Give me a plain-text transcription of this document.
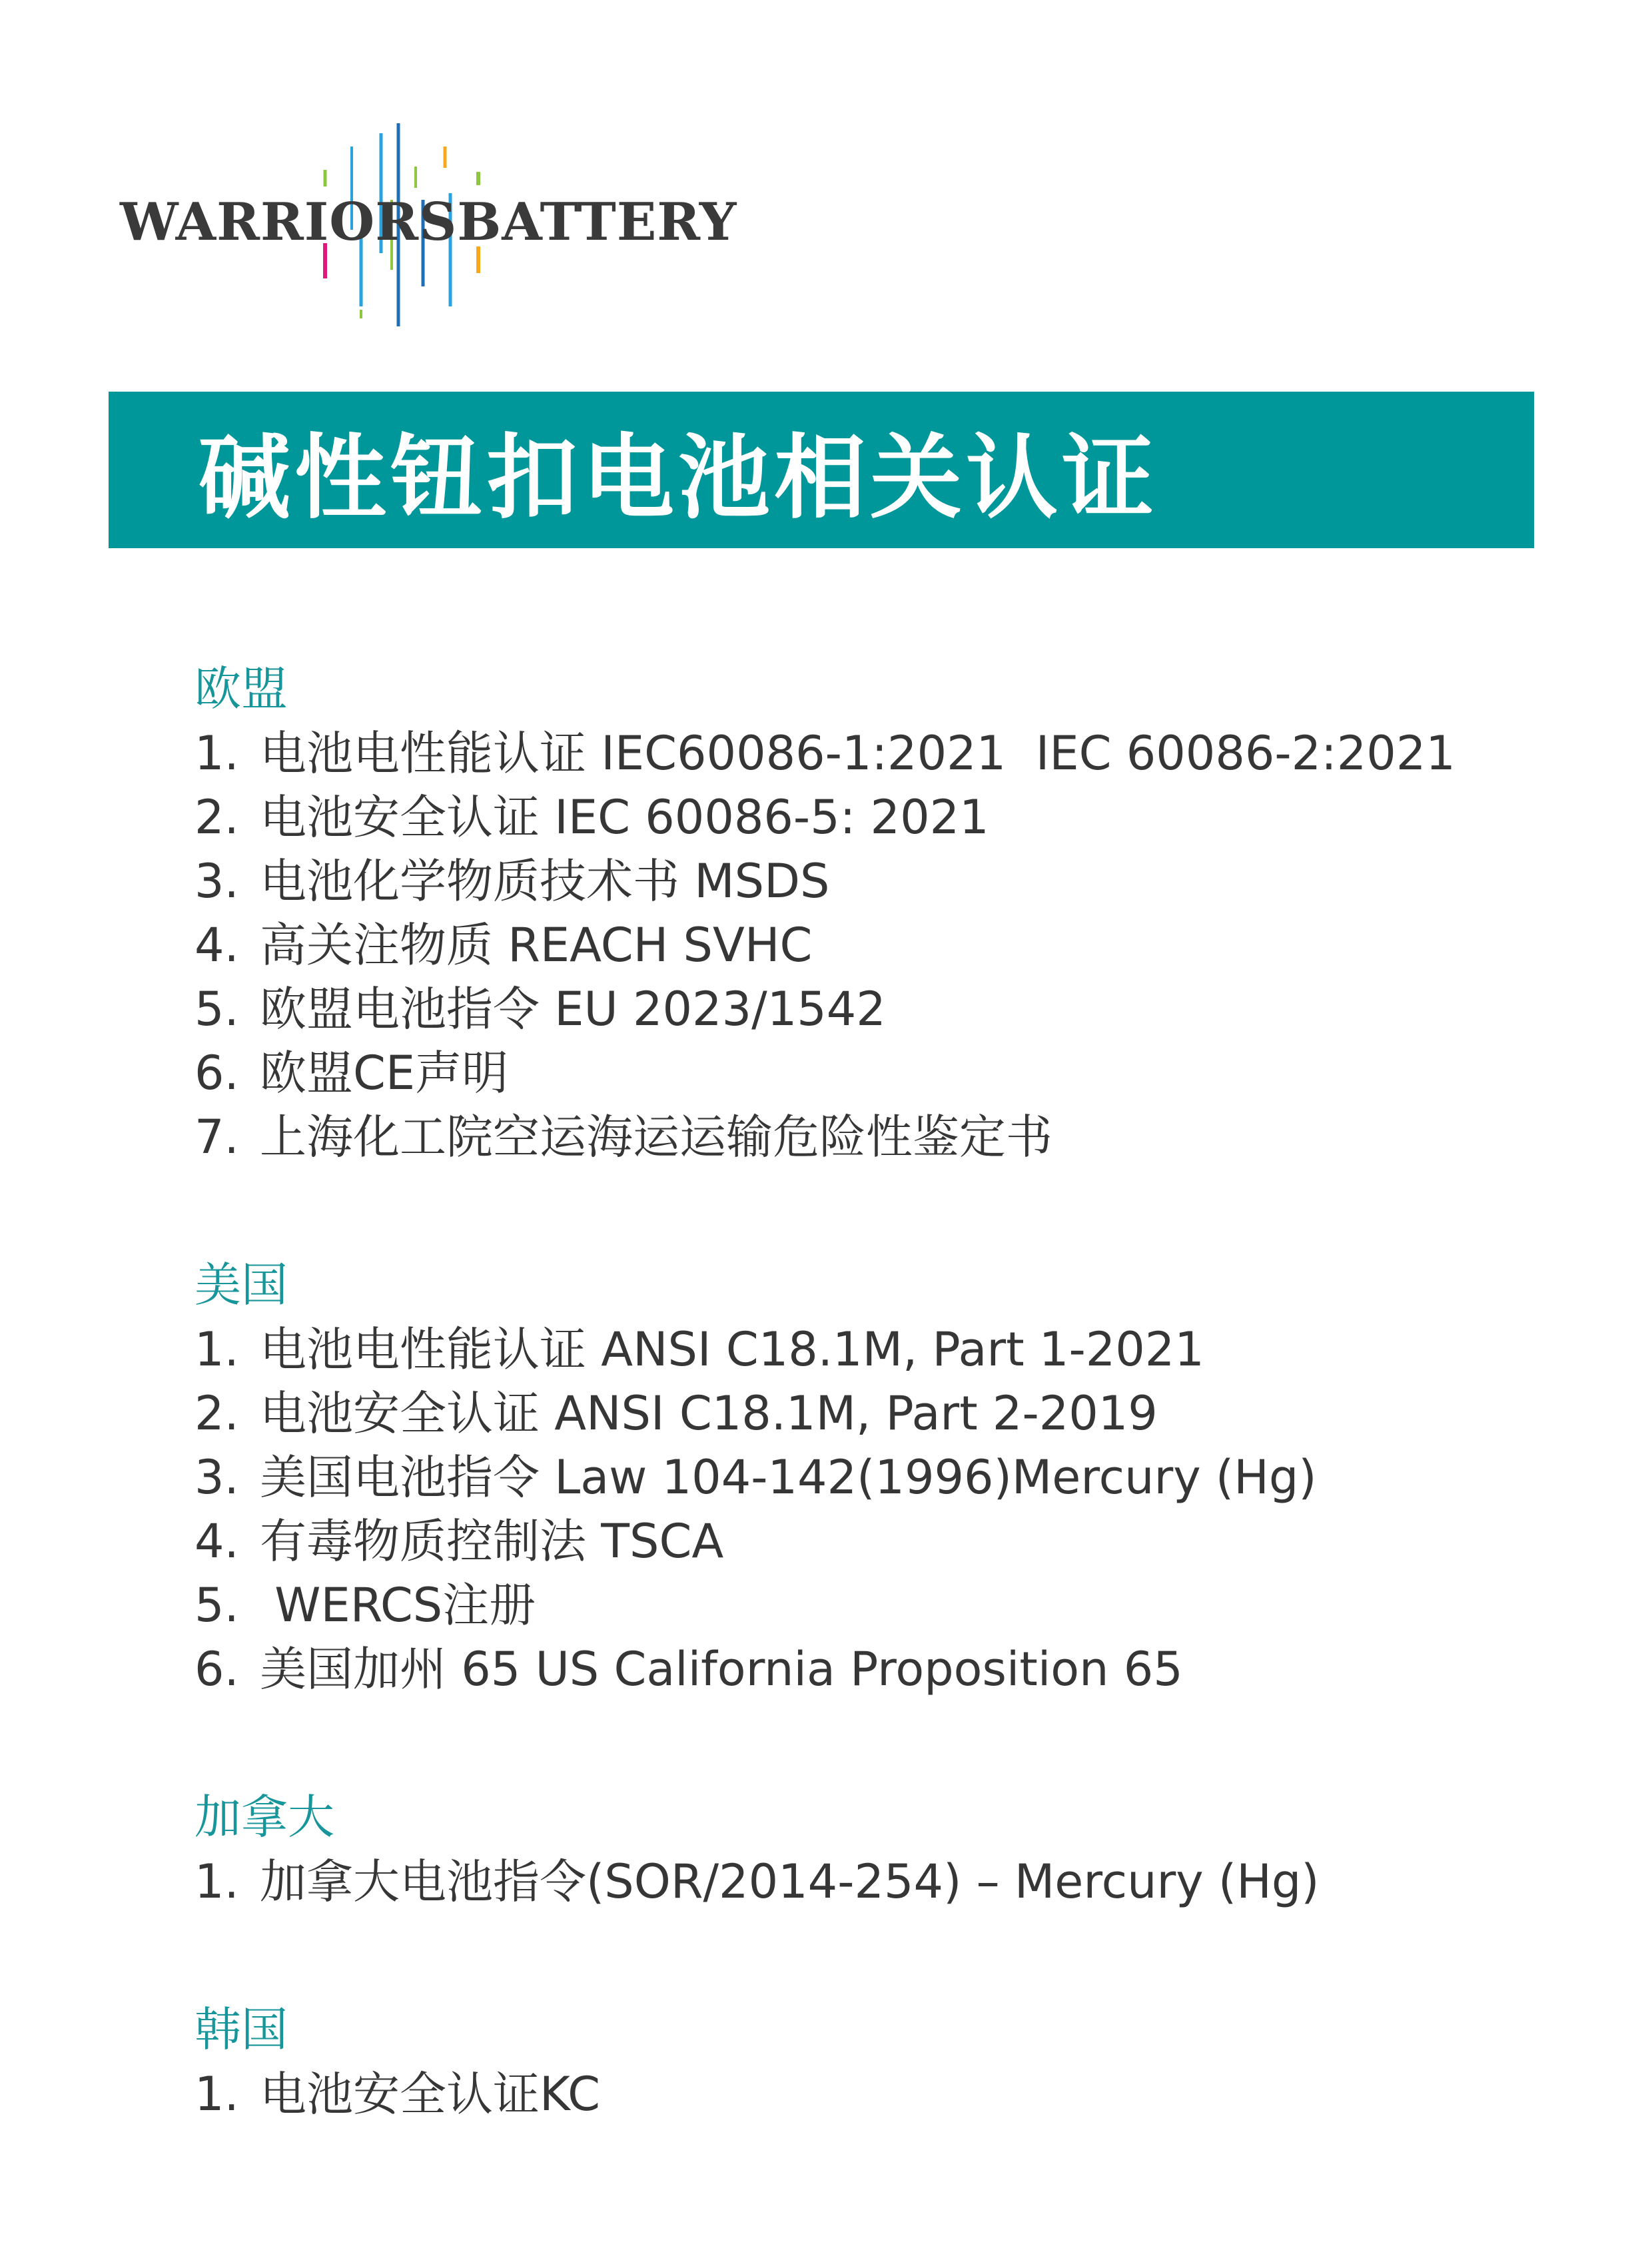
WARRIORSBATTERY
碱性钮扣电池相关认证
欧盟
1. 电池电性能认证 IEC60086-1:2021  IEC 60086-2:2021
2. 电池安全认证 IEC 60086-5: 2021
3. 电池化学物质技术书 MSDS
4. 高关注物质 REACH SVHC
5. 欧盟电池指令 EU 2023/1542
6. 欧盟CE声明
7. 上海化工院空运海运运输危险性鉴定书
美国
1. 电池电性能认证 ANSI C18.1M, Part 1-2021
2. 电池安全认证 ANSI C18.1M, Part 2-2019
3. 美国电池指令 Law 104-142(1996)Mercury (Hg)
4. 有毒物质控制法 TSCA
5. WERCS注册
6. 美国加州 65 US California Proposition 65
加拿大
1. 加拿大电池指令(SOR/2014-254) – Mercury (Hg)
韩国
1. 电池安全认证KC
